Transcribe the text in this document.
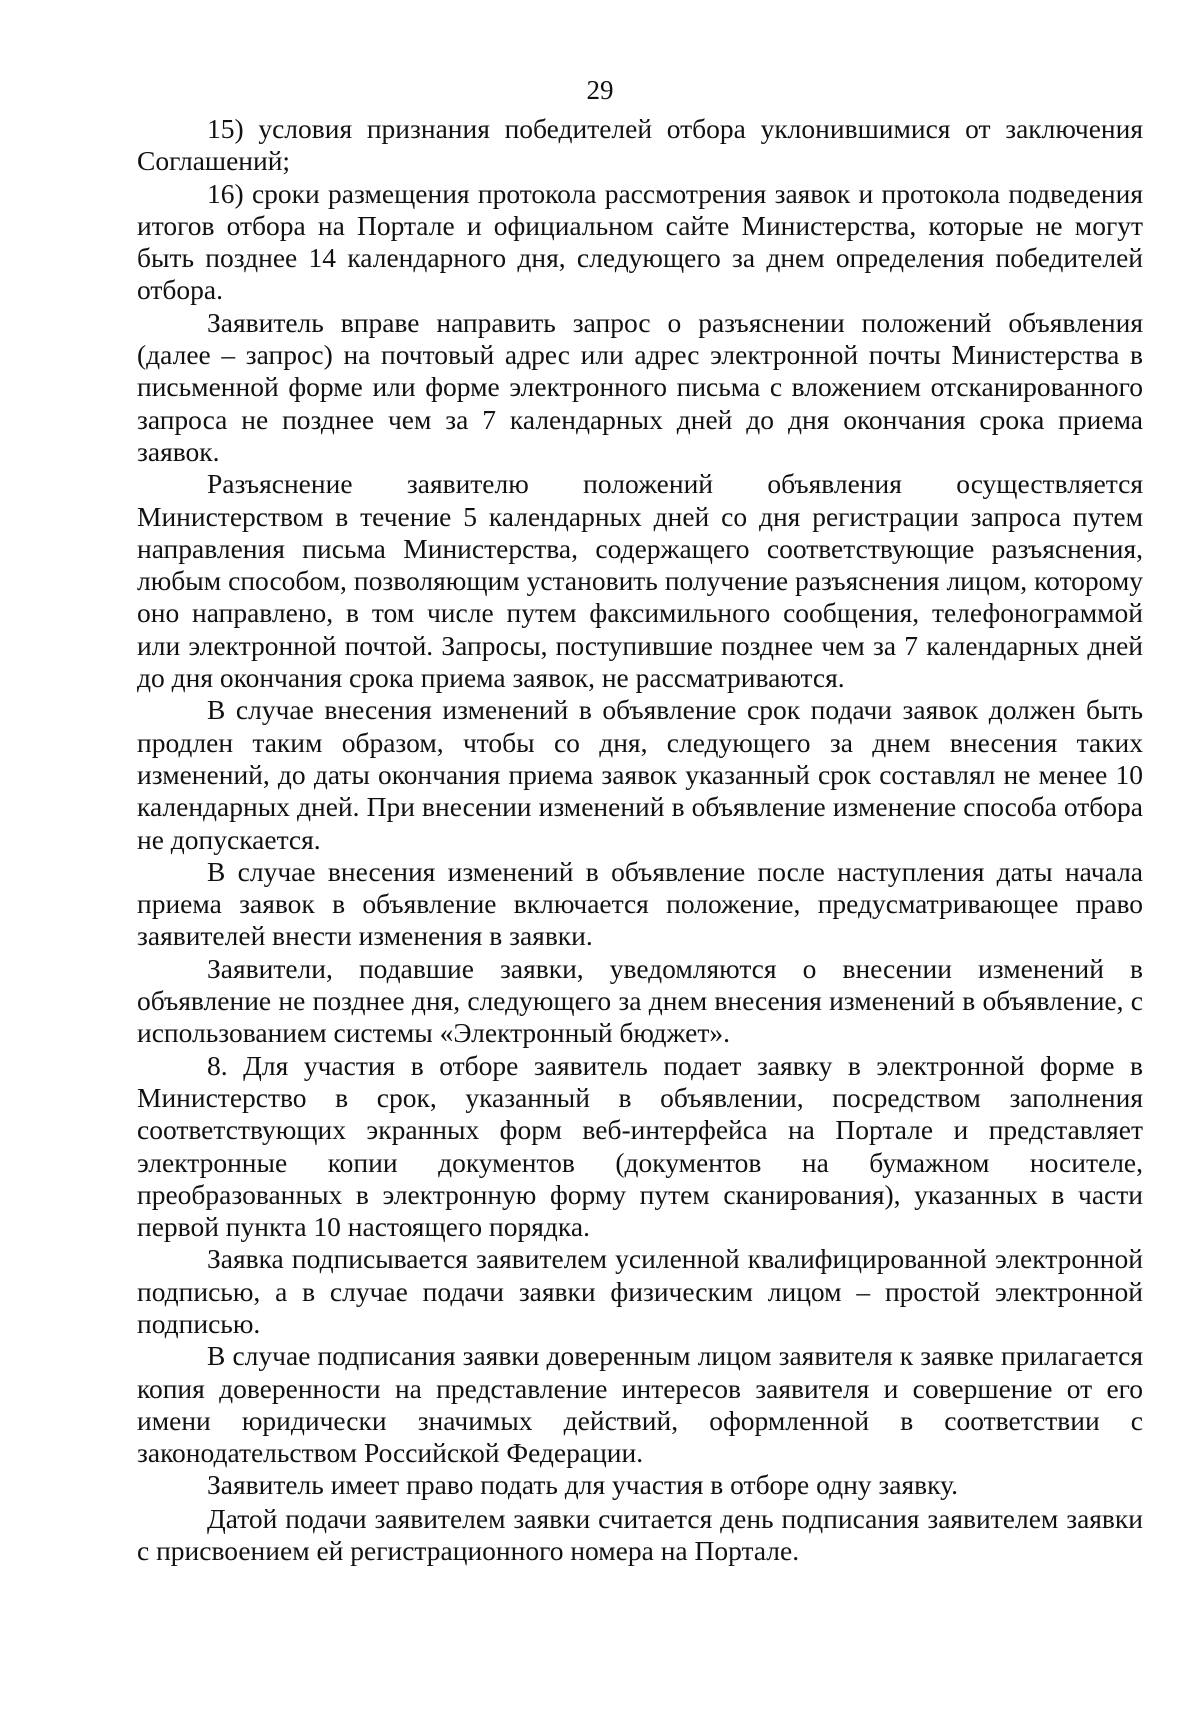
29

15) условия признания победителей отбора уклонившимися от заключения Соглашений;

16) сроки размещения протокола рассмотрения заявок и протокола подведения итогов отбора на Портале и официальном сайте Министерства, которые не могут быть позднее 14 календарного дня, следующего за днем определения победителей отбора.

Заявитель вправе направить запрос о разъяснении положений объявления (далее – запрос) на почтовый адрес или адрес электронной почты Министерства в письменной форме или форме электронного письма с вложением отсканированного запроса не позднее чем за 7 календарных дней до дня окончания срока приема заявок.

Разъяснение заявителю положений объявления осуществляется Министерством в течение 5 календарных дней со дня регистрации запроса путем направления письма Министерства, содержащего соответствующие разъяснения, любым способом, позволяющим установить получение разъяснения лицом, которому оно направлено, в том числе путем факсимильного сообщения, телефонограммой или электронной почтой. Запросы, поступившие позднее чем за 7 календарных дней до дня окончания срока приема заявок, не рассматриваются.

В случае внесения изменений в объявление срок подачи заявок должен быть продлен таким образом, чтобы со дня, следующего за днем внесения таких изменений, до даты окончания приема заявок указанный срок составлял не менее 10 календарных дней. При внесении изменений в объявление изменение способа отбора не допускается.

В случае внесения изменений в объявление после наступления даты начала приема заявок в объявление включается положение, предусматривающее право заявителей внести изменения в заявки.

Заявители, подавшие заявки, уведомляются о внесении изменений в объявление не позднее дня, следующего за днем внесения изменений в объявление, с использованием системы «Электронный бюджет».

8. Для участия в отборе заявитель подает заявку в электронной форме в Министерство в срок, указанный в объявлении, посредством заполнения соответствующих экранных форм веб-интерфейса на Портале и представляет электронные копии документов (документов на бумажном носителе, преобразованных в электронную форму путем сканирования), указанных в части первой пункта 10 настоящего порядка.

Заявка подписывается заявителем усиленной квалифицированной электронной подписью, а в случае подачи заявки физическим лицом – простой электронной подписью.

В случае подписания заявки доверенным лицом заявителя к заявке прилагается копия доверенности на представление интересов заявителя и совершение от его имени юридически значимых действий, оформленной в соответствии с законодательством Российской Федерации.

Заявитель имеет право подать для участия в отборе одну заявку.

Датой подачи заявителем заявки считается день подписания заявителем заявки с присвоением ей регистрационного номера на Портале.
